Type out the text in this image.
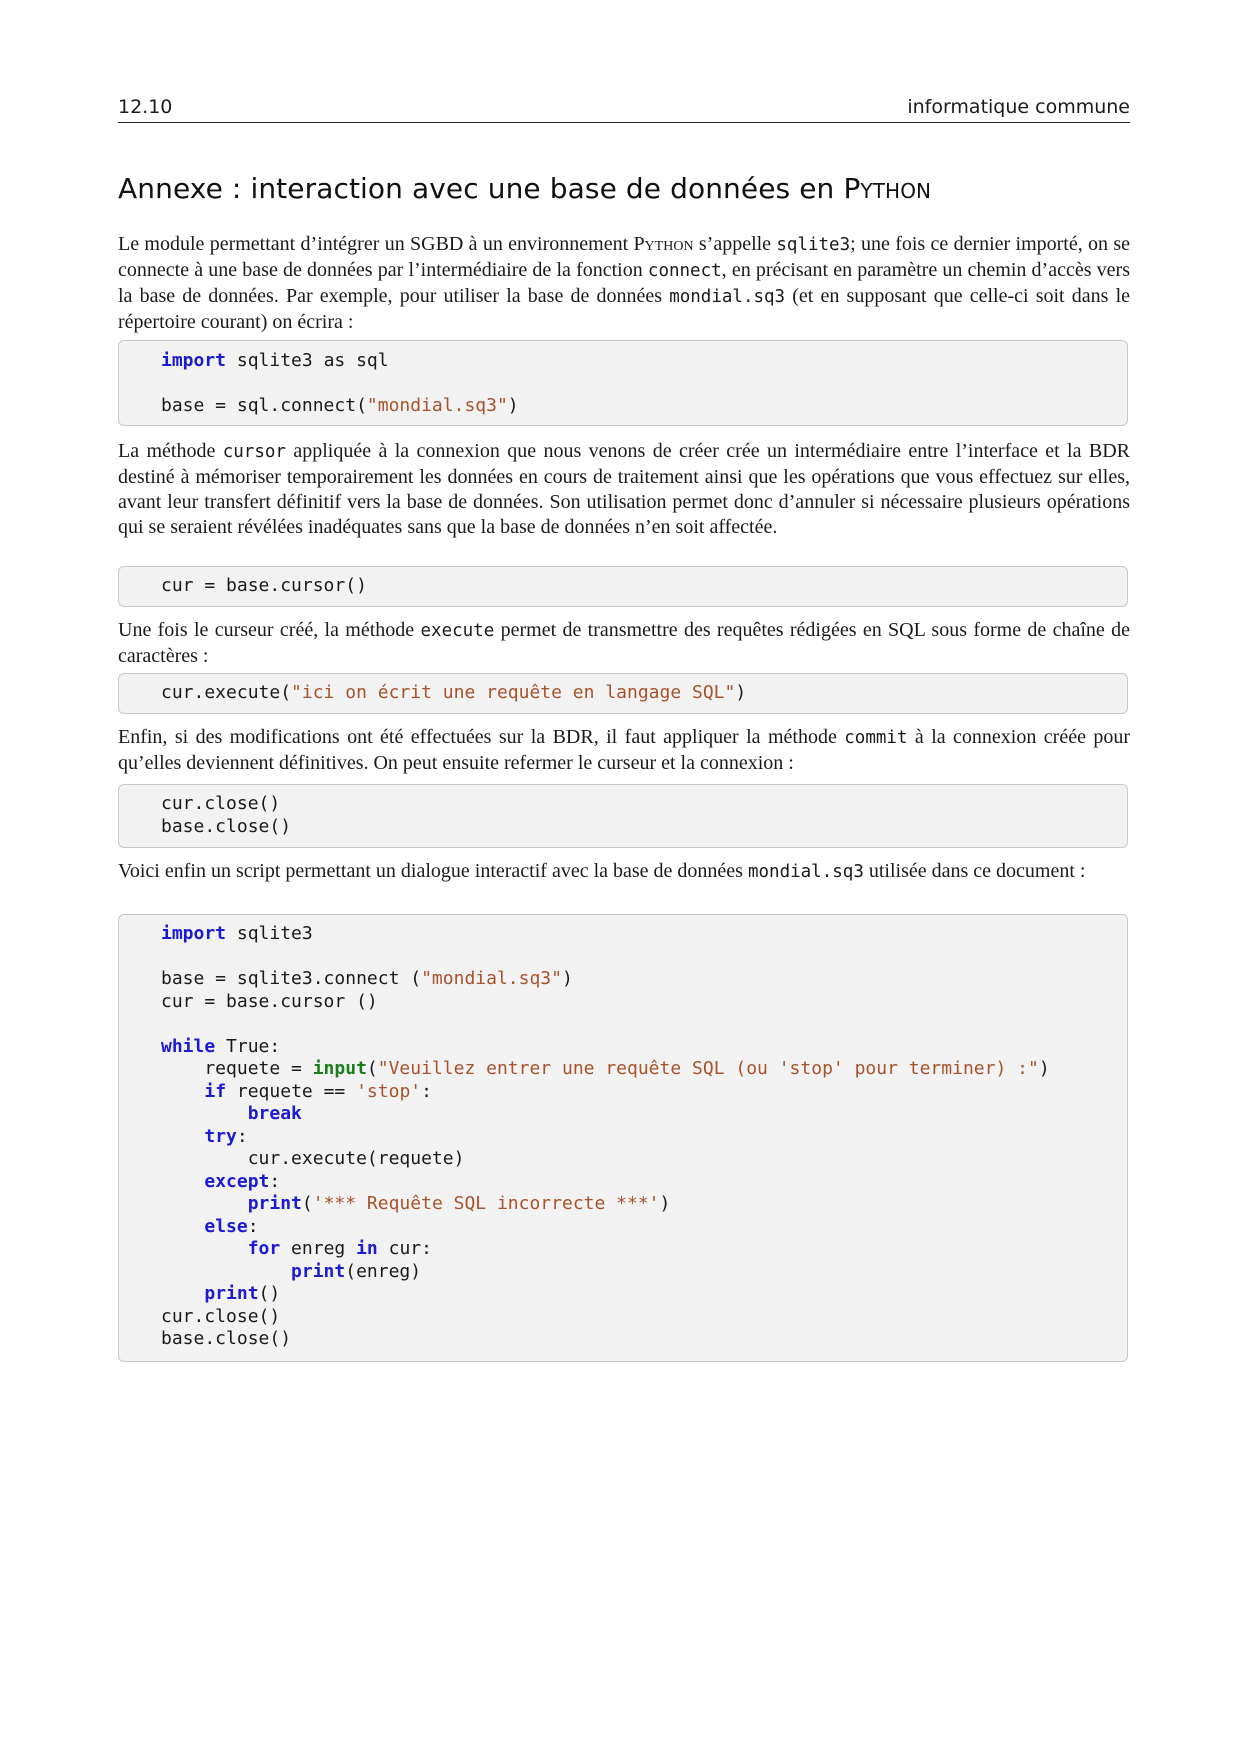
12.10	informatique commune
Annexe : interaction avec une base de données en Python

Le module permettant d’intégrer un SGBD à un environnement Python s’appelle sqlite3; une fois ce dernier importé, on se connecte à une base de données par l’intermédiaire de la fonction connect, en précisant en paramètre un chemin d’accès vers la base de données. Par exemple, pour utiliser la base de données mondial.sq3 (et en supposant que celle-ci soit dans le répertoire courant) on écrira :

import sqlite3 as sql

base = sql.connect("mondial.sq3")

La méthode cursor appliquée à la connexion que nous venons de créer crée un intermédiaire entre l’interface et la BDR destiné à mémoriser temporairement les données en cours de traitement ainsi que les opérations que vous effectuez sur elles, avant leur transfert définitif vers la base de données. Son utilisation permet donc d’annuler si nécessaire plusieurs opérations qui se seraient révélées inadéquates sans que la base de données n’en soit affectée.

cur = base.cursor()

Une fois le curseur créé, la méthode execute permet de transmettre des requêtes rédigées en SQL sous forme de chaîne de caractères :

cur.execute("ici on écrit une requête en langage SQL")

Enfin, si des modifications ont été effectuées sur la BDR, il faut appliquer la méthode commit à la connexion créée pour qu’elles deviennent définitives. On peut ensuite refermer le curseur et la connexion :

cur.close()
base.close()

Voici enfin un script permettant un dialogue interactif avec la base de données mondial.sq3 utilisée dans ce document :

import sqlite3

base = sqlite3.connect ("mondial.sq3")
cur = base.cursor ()

while True:
requete = input("Veuillez entrer une requête SQL (ou 'stop' pour terminer) :")
if requete == 'stop':
break
try:
cur.execute(requete)
except:
print('*** Requête SQL incorrecte ***')
else:
for enreg in cur:
print(enreg)
print()
cur.close()
base.close()
